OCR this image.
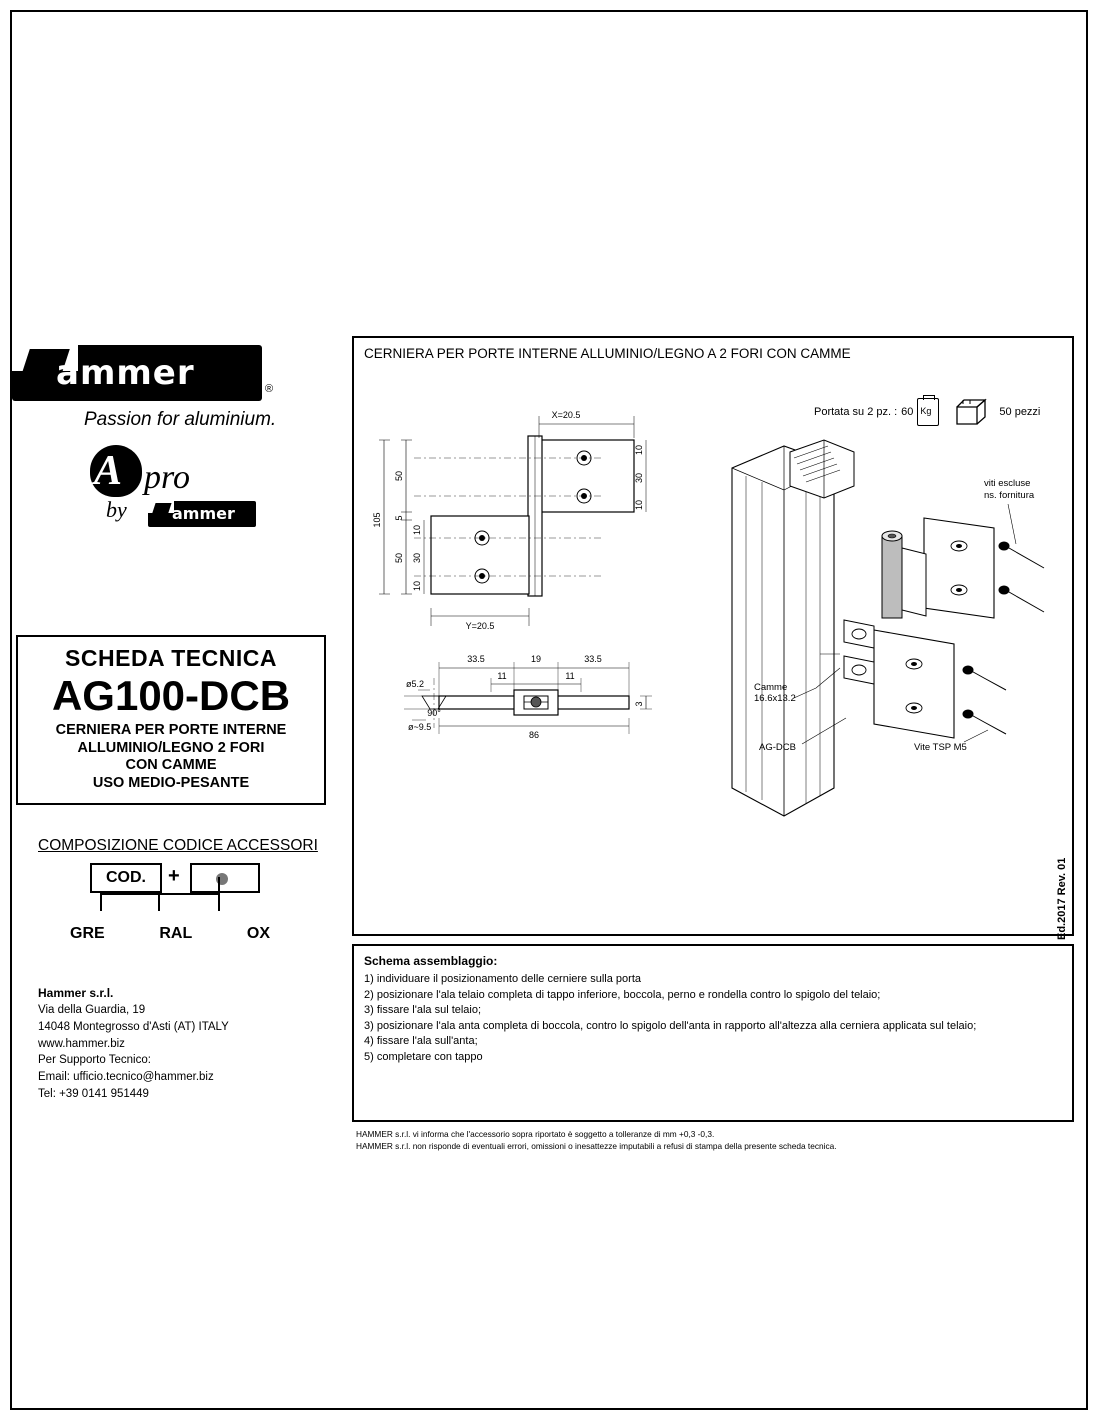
ammer	®
Passion for aluminium.
A pro
by	ammer
SCHEDA TECNICA
AG100-DCB
CERNIERA PER PORTE INTERNE
ALLUMINIO/LEGNO 2 FORI
CON CAMME
USO MEDIO-PESANTE
COMPOSIZIONE CODICE ACCESSORI
COD.	+
GRE	RAL	OX
Hammer s.r.l.
Via della Guardia, 19
14048 Montegrosso d'Asti (AT) ITALY
www.hammer.biz
Per Supporto Tecnico:
Email: ufficio.tecnico@hammer.biz
Tel: +39 0141 951449
CERNIERA PER PORTE INTERNE ALLUMINIO/LEGNO A 2 FORI CON CAMME
Portata su 2 pz. : 60 Kg	50 pezzi
X=20.5
Y=20.5
105
50
5
50
10
30
10
10
30
10
33.5	19	33.5
11	11
86
3
ø5.2
90°
ø~9.5
Camme
16.6x13.2
AG-DCB	Vite TSP M5
viti escluse
ns. fornitura
Schema assemblaggio:
1) individuare il posizionamento delle cerniere sulla porta
2) posizionare l'ala telaio completa di tappo inferiore, boccola, perno e rondella contro lo spigolo del telaio;
3) fissare l'ala sul telaio;
3) posizionare l'ala anta completa di boccola, contro lo spigolo dell'anta in rapporto all'altezza alla cerniera applicata sul telaio;
4) fissare l'ala sull'anta;
5) completare con tappo
HAMMER s.r.l. vi informa che l'accessorio sopra riportato è soggetto a tolleranze di mm +0,3 -0,3.
HAMMER s.r.l. non risponde di eventuali errori, omissioni o inesattezze imputabili a refusi di stampa della presente scheda tecnica.
Ed.2017 Rev. 01
